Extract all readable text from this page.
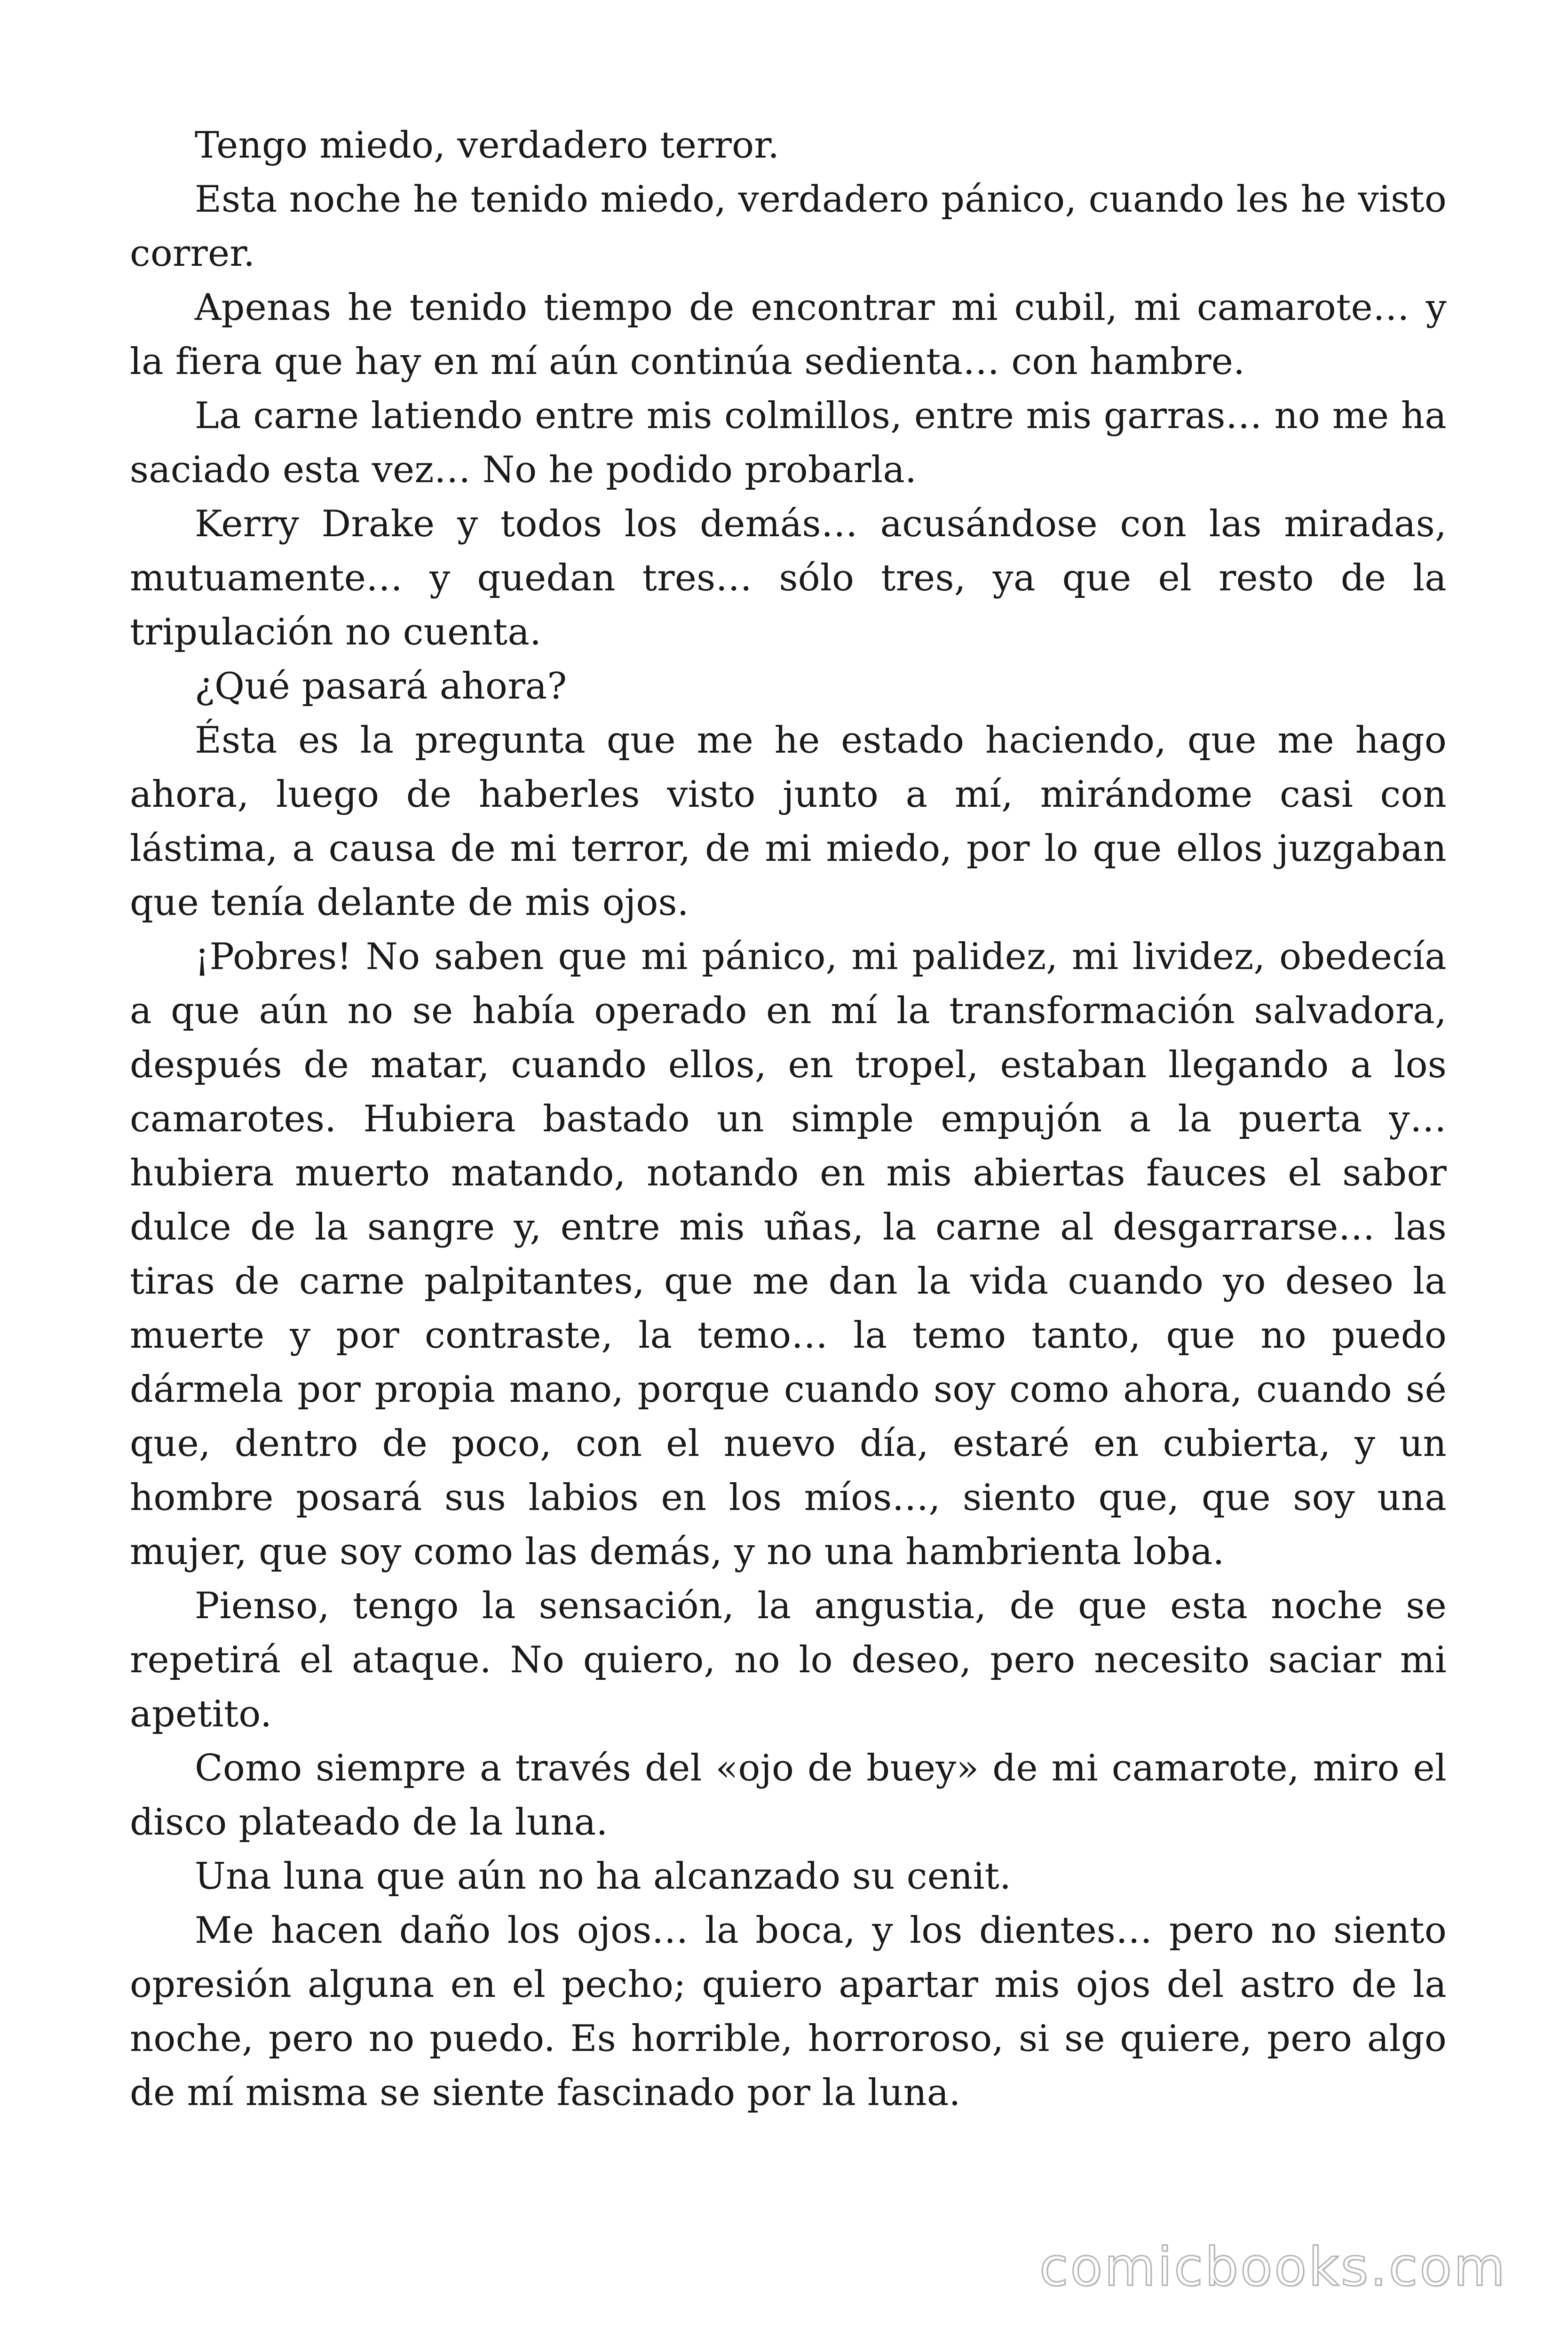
Tengo miedo, verdadero terror.

Esta noche he tenido miedo, verdadero pánico, cuando les he visto correr.

Apenas he tenido tiempo de encontrar mi cubil, mi camarote… y la fiera que hay en mí aún continúa sedienta… con hambre.

La carne latiendo entre mis colmillos, entre mis garras… no me ha saciado esta vez… No he podido probarla.

Kerry Drake y todos los demás… acusándose con las miradas, mutuamente… y quedan tres… sólo tres, ya que el resto de la tripulación no cuenta.

¿Qué pasará ahora?

Ésta es la pregunta que me he estado haciendo, que me hago ahora, luego de haberles visto junto a mí, mirándome casi con lástima, a causa de mi terror, de mi miedo, por lo que ellos juzgaban que tenía delante de mis ojos.

¡Pobres! No saben que mi pánico, mi palidez, mi lividez, obedecía a que aún no se había operado en mí la transformación salvadora, después de matar, cuando ellos, en tropel, estaban llegando a los camarotes. Hubiera bastado un simple empujón a la puerta y… hubiera muerto matando, notando en mis abiertas fauces el sabor dulce de la sangre y, entre mis uñas, la carne al desgarrarse… las tiras de carne palpitantes, que me dan la vida cuando yo deseo la muerte y por contraste, la temo… la temo tanto, que no puedo dármela por propia mano, porque cuando soy como ahora, cuando sé que, dentro de poco, con el nuevo día, estaré en cubierta, y un hombre posará sus labios en los míos…, siento que, que soy una mujer, que soy como las demás, y no una hambrienta loba.

Pienso, tengo la sensación, la angustia, de que esta noche se repetirá el ataque. No quiero, no lo deseo, pero necesito saciar mi apetito.

Como siempre a través del «ojo de buey» de mi camarote, miro el disco plateado de la luna.

Una luna que aún no ha alcanzado su cenit.

Me hacen daño los ojos… la boca, y los dientes… pero no siento opresión alguna en el pecho; quiero apartar mis ojos del astro de la noche, pero no puedo. Es horrible, horroroso, si se quiere, pero algo de mí misma se siente fascinado por la luna.

comicbooks.com
